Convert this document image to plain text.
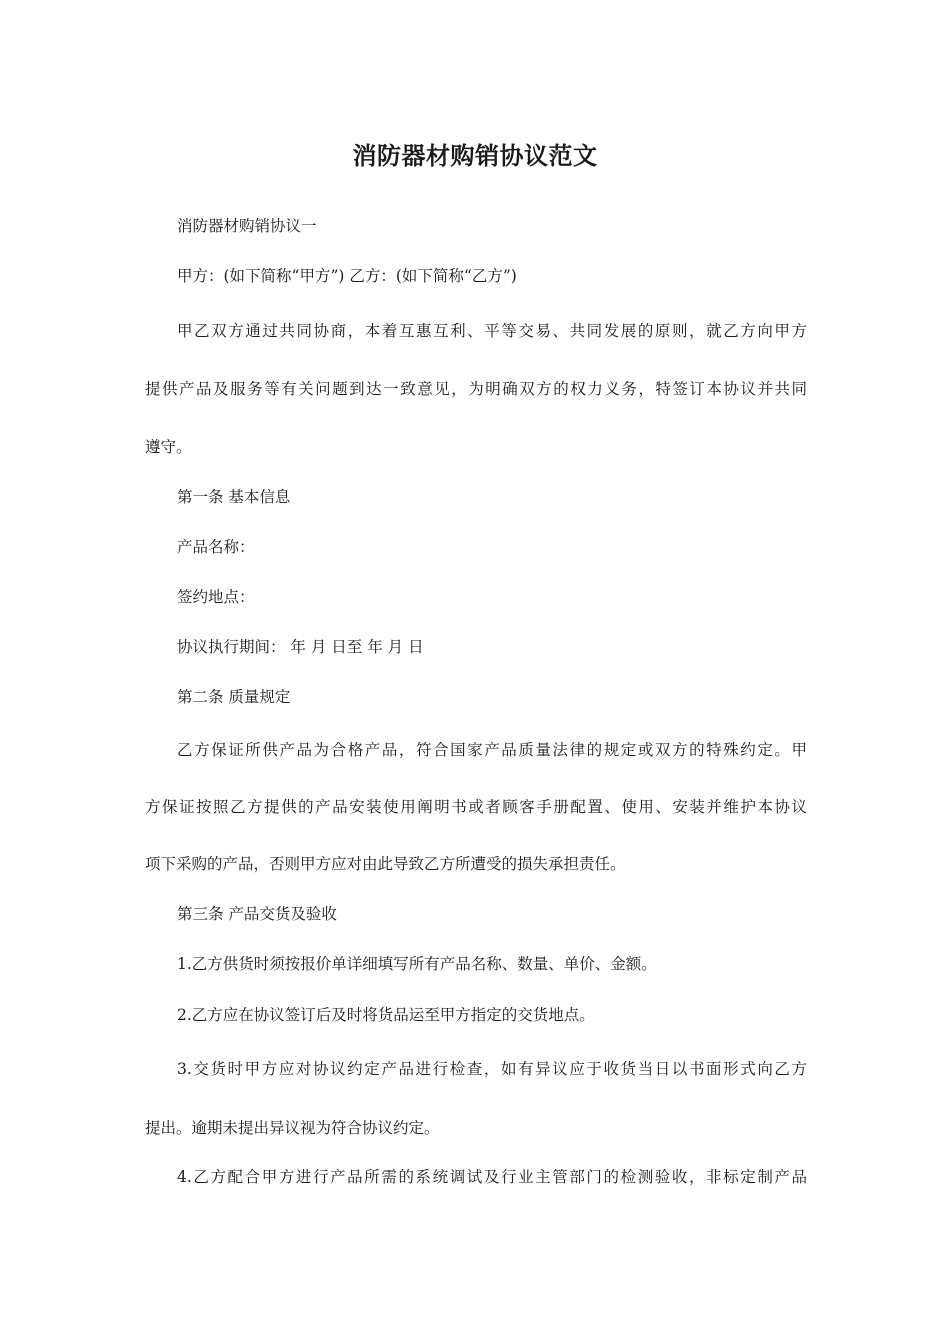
消防器材购销协议范文

消防器材购销协议一

甲方：(如下简称“甲方”) 乙方：(如下简称“乙方”)

甲乙双方通过共同协商，本着互惠互利、平等交易、共同发展的原则，就乙方向甲方

提供产品及服务等有关问题到达一致意见，为明确双方的权力义务，特签订本协议并共同

遵守。

第一条 基本信息

产品名称：

签约地点：

协议执行期间： 年 月 日至 年 月 日

第二条 质量规定

乙方保证所供产品为合格产品，符合国家产品质量法律的规定或双方的特殊约定。甲

方保证按照乙方提供的产品安装使用阐明书或者顾客手册配置、使用、安装并维护本协议

项下采购的产品，否则甲方应对由此导致乙方所遭受的损失承担责任。

第三条 产品交货及验收

1.乙方供货时须按报价单详细填写所有产品名称、数量、单价、金额。

2.乙方应在协议签订后及时将货品运至甲方指定的交货地点。

3.交货时甲方应对协议约定产品进行检查，如有异议应于收货当日以书面形式向乙方

提出。逾期未提出异议视为符合协议约定。

4.乙方配合甲方进行产品所需的系统调试及行业主管部门的检测验收，非标定制产品
